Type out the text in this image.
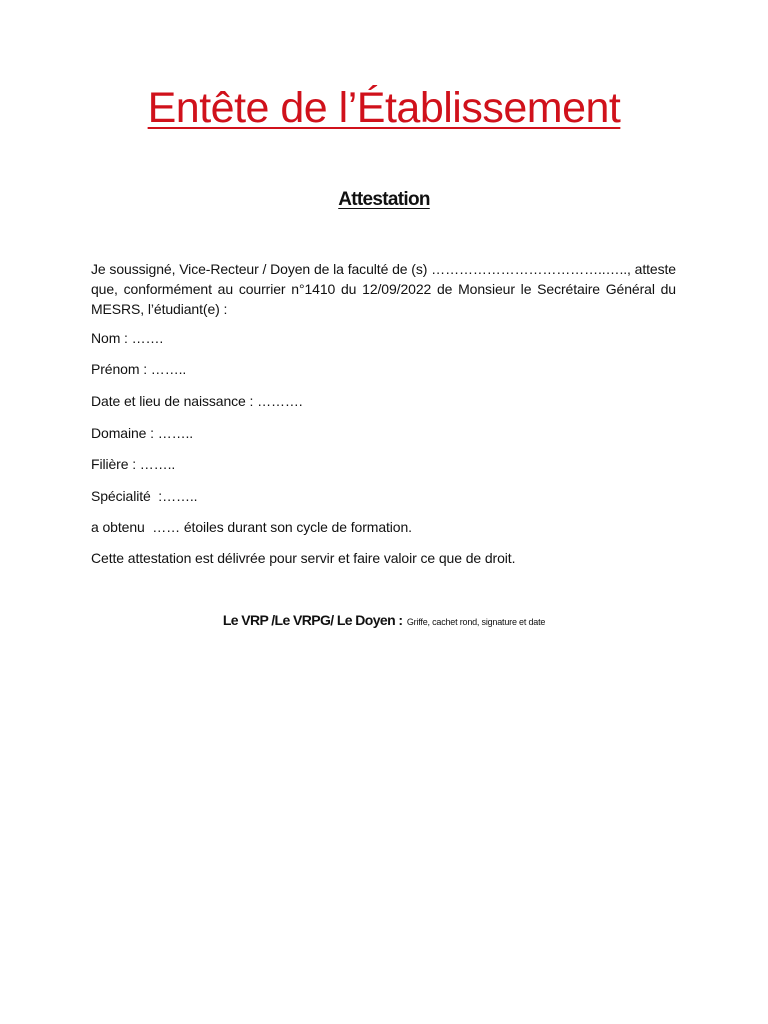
Entête de l’Établissement
Attestation
Je soussigné, Vice-Recteur / Doyen de la faculté de (s) ………………………………..….., atteste que, conformément au courrier n°1410 du 12/09/2022 de Monsieur le Secrétaire Général du MESRS, l’étudiant(e) :
Nom : …….
Prénom : ……..
Date et lieu de naissance : ……….
Domaine : ……..
Filière : ……..
Spécialité  :……..
a obtenu  …… étoiles durant son cycle de formation.
Cette attestation est délivrée pour servir et faire valoir ce que de droit.
Le VRP /Le VRPG/ Le Doyen : Griffe, cachet rond, signature et date
